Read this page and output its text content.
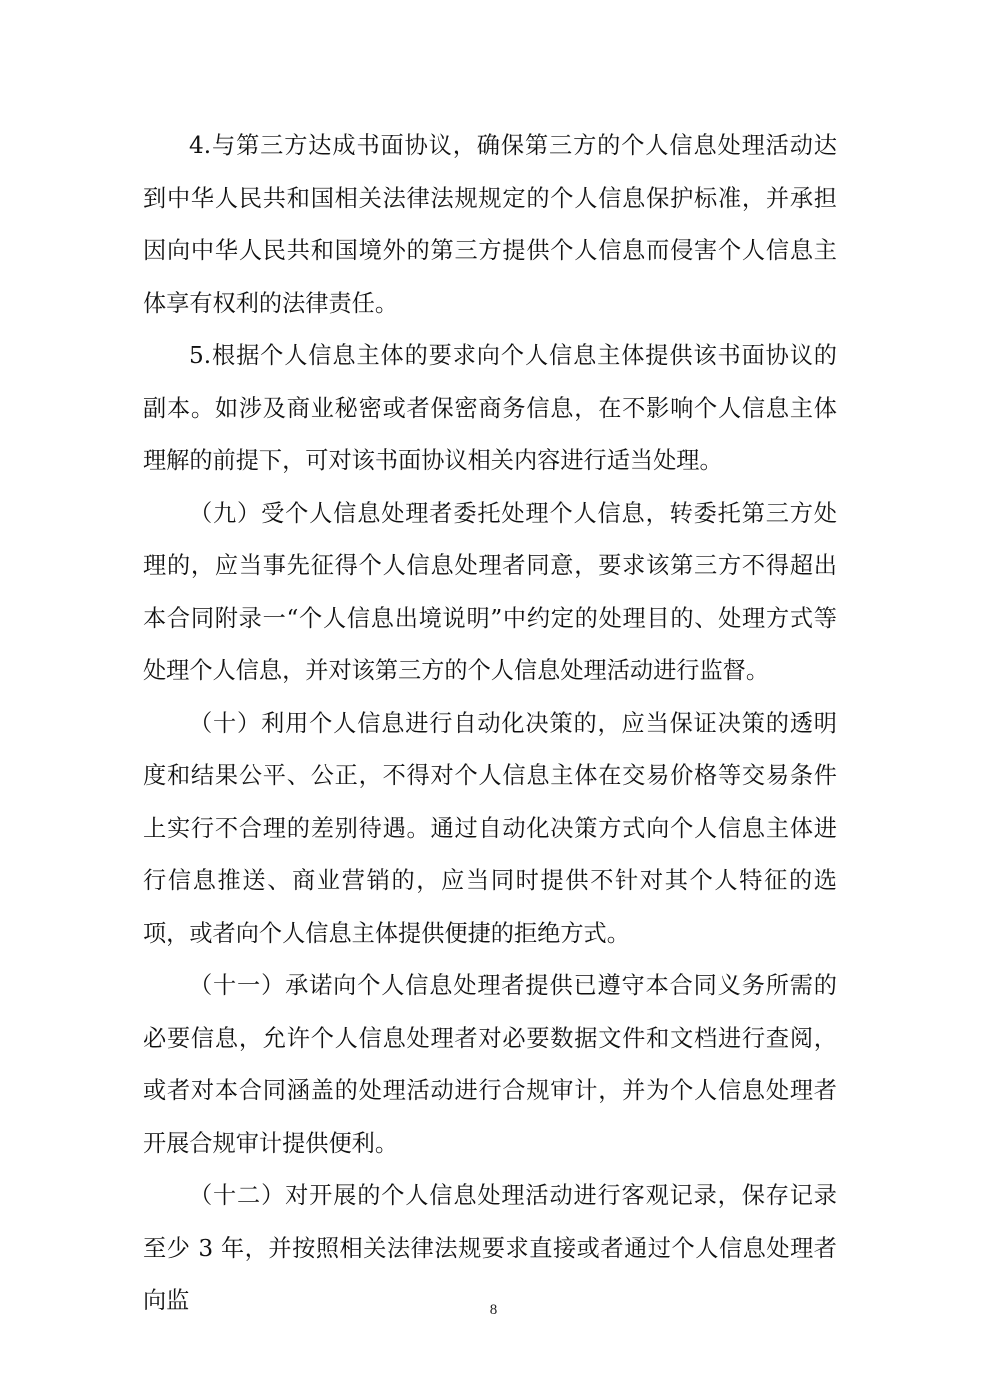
4.与第三方达成书面协议，确保第三方的个人信息处理活动达到中华人民共和国相关法律法规规定的个人信息保护标准，并承担因向中华人民共和国境外的第三方提供个人信息而侵害个人信息主体享有权利的法律责任。

5.根据个人信息主体的要求向个人信息主体提供该书面协议的副本。如涉及商业秘密或者保密商务信息，在不影响个人信息主体理解的前提下，可对该书面协议相关内容进行适当处理。

（九）受个人信息处理者委托处理个人信息，转委托第三方处理的，应当事先征得个人信息处理者同意，要求该第三方不得超出本合同附录一“个人信息出境说明”中约定的处理目的、处理方式等处理个人信息，并对该第三方的个人信息处理活动进行监督。

（十）利用个人信息进行自动化决策的，应当保证决策的透明度和结果公平、公正，不得对个人信息主体在交易价格等交易条件上实行不合理的差别待遇。通过自动化决策方式向个人信息主体进行信息推送、商业营销的，应当同时提供不针对其个人特征的选项，或者向个人信息主体提供便捷的拒绝方式。

（十一）承诺向个人信息处理者提供已遵守本合同义务所需的必要信息，允许个人信息处理者对必要数据文件和文档进行查阅，或者对本合同涵盖的处理活动进行合规审计，并为个人信息处理者开展合规审计提供便利。

（十二）对开展的个人信息处理活动进行客观记录，保存记录至少 3 年，并按照相关法律法规要求直接或者通过个人信息处理者向监	8
